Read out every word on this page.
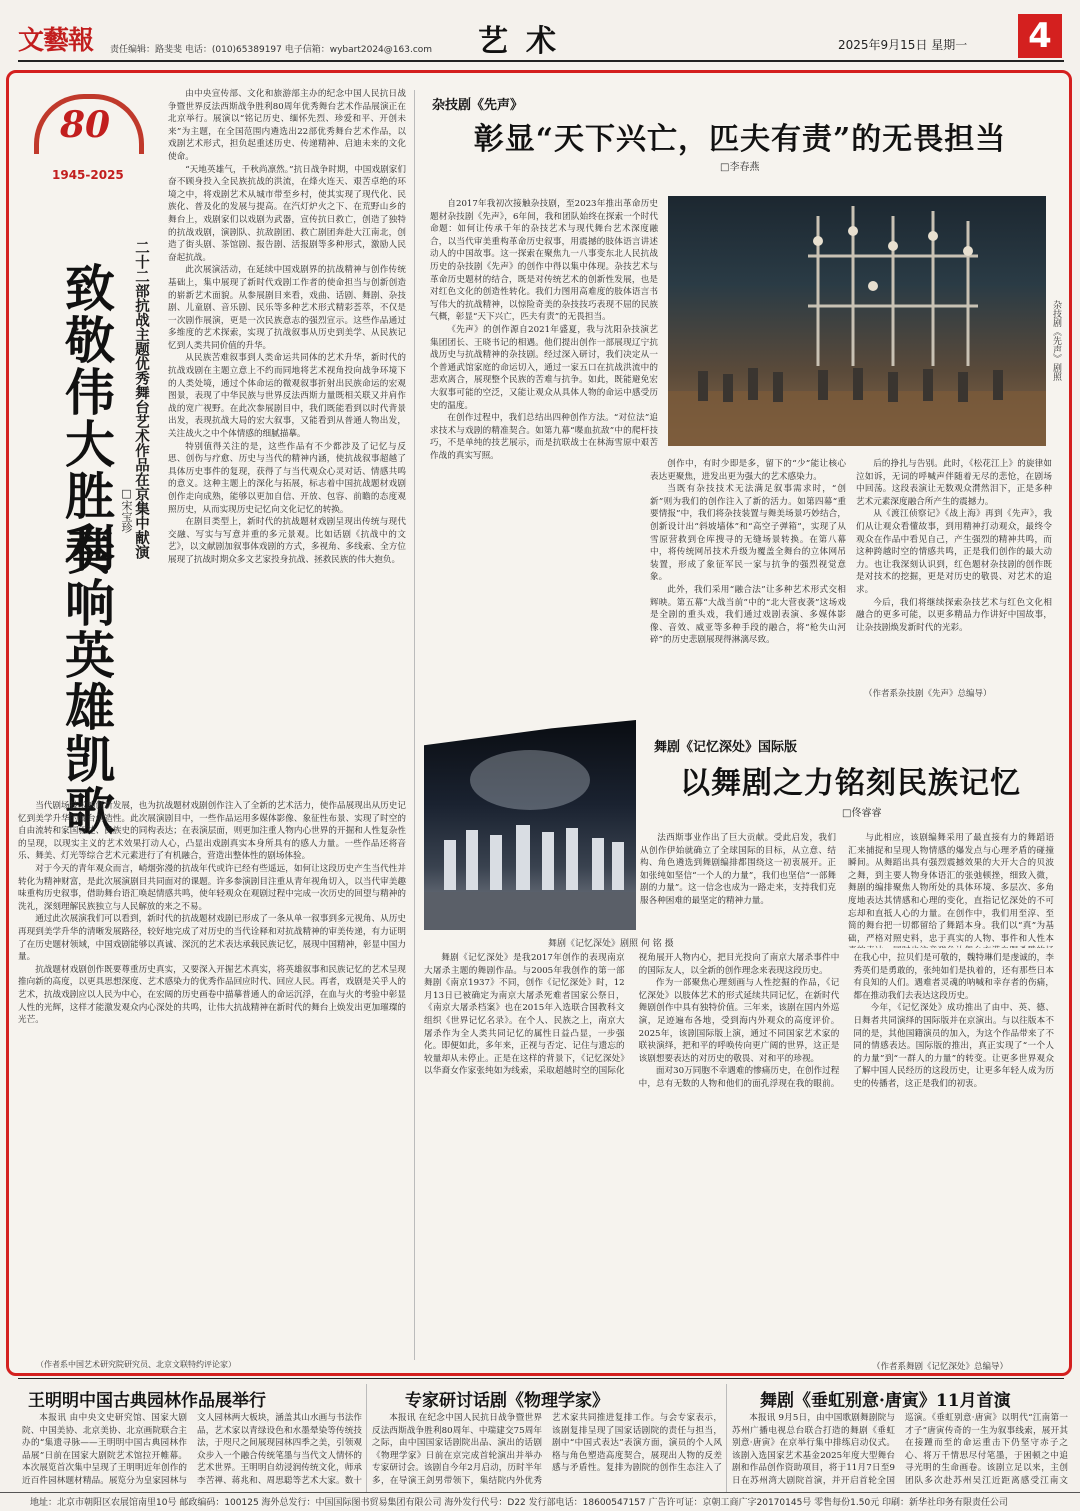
文藝報 责任编辑：路斐斐 电话：(010)65389197 电子信箱：wybart2024@163.com 艺术	2025年9月15日 星期一 4
80
1945-2025
二十二部抗战主题优秀舞台艺术作品在京集中献演
致敬伟大胜利 □宋宝珍
奏响英雄凯歌

由中央宣传部、文化和旅游部主办的纪念中国人民抗日战争暨世界反法西斯战争胜利80周年优秀舞台艺术作品展演正在北京举行。展演以“铭记历史、缅怀先烈、珍爱和平、开创未来”为主题，在全国范围内遴选出22部优秀舞台艺术作品，以戏剧艺术形式，担负起重述历史、传递精神、启迪未来的文化使命。

“天地英雄气，千秋尚凛然。”抗日战争时期，中国戏剧家们奋不顾身投入全民族抗战的洪流，在烽火连天、艰苦卓绝的环境之中，将戏剧艺术从城市带至乡村，使其实现了现代化、民族化、普及化的发展与提高。在汽灯炉火之下、在荒野山乡的舞台上，戏剧家们以戏剧为武器，宣传抗日救亡，创造了独特的抗战戏剧，演剧队、抗敌剧团、救亡剧团奔赴大江南北，创造了街头剧、茶馆剧、报告剧、活报剧等多种形式，激励人民奋起抗战。

此次展演活动，在延续中国戏剧界的抗战精神与创作传统基础上，集中展现了新时代戏剧工作者的使命担当与创新创造的崭新艺术面貌。从参展剧目来看，戏曲、话剧、舞剧、杂技剧、儿童剧、音乐剧、民乐等多种艺术形式精彩荟萃，不仅是一次剧作展演，更是一次民族意志的强烈宣示。这些作品通过多维度的艺术探索，实现了抗战叙事从历史到美学、从民族记忆到人类共同价值的升华。

从民族苦难叙事到人类命运共同体的艺术升华，新时代的抗战戏剧在主题立意上不约而同地将艺术视角投向战争环境下的人类处境，通过个体命运的微观叙事折射出民族命运的宏观图景，表现了中华民族与世界反法西斯力量既相关联又并肩作战的宽广视野。在此次参展剧目中，我们既能看到以时代背景出发，表现抗战大局的宏大叙事，又能看到从普通人物出发，关注战火之中个体情感的细腻描摹。

特别值得关注的是，这些作品有不少都涉及了记忆与反思、创伤与疗愈、历史与当代的精神内涵，使抗战叙事超越了具体历史事件的复现，获得了与当代观众心灵对话、情感共鸣的意义。这种主题上的深化与拓展，标志着中国抗战题材戏剧创作走向成熟，能够以更加自信、开放、包容、前瞻的态度观照历史，从而实现历史记忆向文化记忆的转换。

在剧目类型上，新时代的抗战题材戏剧呈现出传统与现代交融、写实与写意并重的多元景观。比如话剧《抗战中的文艺》，以文献剧加叙事体戏剧的方式，多视角、多线索、全方位展现了抗战时期众多文艺家投身抗战、拯救民族的伟大抱负。

当代剧场技术的创新发展，也为抗战题材戏剧创作注入了全新的艺术活力，使作品展现出从历史记忆到美学升华的舞台创造性。此次展演剧目中，一些作品运用多媒体影像、象征性布景、实现了时空的自由流转和家国叙述、民族史的同构表达；在表演层面，则更加注重人物内心世界的开掘和人性复杂性的呈现，以现实主义的艺术效果打动人心，凸显出戏剧真实本身所具有的感人力量。一些作品还将音乐、舞美、灯光等综合艺术元素进行了有机融合，营造出整体性的剧场体验。

对于今天的青年观众而言，峭烟弥漫的抗战年代或许已经有些遥远，如何让这段历史产生当代性并转化为精神财富，是此次展演剧目共同面对的课题。许多参演剧目注重从青年视角切入，以当代审美趣味重构历史叙事，借助舞台语汇唤起情感共鸣，使年轻观众在观剧过程中完成一次历史的回望与精神的洗礼，深刻理解民族独立与人民解放的来之不易。

通过此次展演我们可以看到，新时代的抗战题材戏剧已形成了一条从单一叙事到多元视角、从历史再现到美学升华的清晰发展路径，较好地完成了对历史的当代诠释和对抗战精神的审美传递，有力证明了在历史题材领域，中国戏剧能够以真诚、深沉的艺术表达承载民族记忆，展现中国精神，彰显中国力量。

抗战题材戏剧创作既要尊重历史真实，又要深入开掘艺术真实，将英雄叙事和民族记忆的艺术呈现推向新的高度，以更具思想深度、艺术感染力的优秀作品回应时代、回应人民。再者，戏剧是关乎人的艺术，抗战戏剧应以人民为中心，在宏阔的历史画卷中描摹普通人的命运沉浮，在血与火的考验中彰显人性的光辉，这样才能激发观众内心深处的共鸣，让伟大抗战精神在新时代的舞台上焕发出更加璀璨的光芒。

（作者系中国艺术研究院研究员、北京文联特约评论家）
杂技剧《先声》
彰显“天下兴亡，匹夫有责”的无畏担当
□李春燕
杂技剧《先声》剧照

自2017年我初次接触杂技剧，至2023年推出革命历史题材杂技剧《先声》，6年间，我和团队始终在探索一个时代命题：如何让传承千年的杂技艺术与现代舞台艺术深度融合，以当代审美重构革命历史叙事，用震撼的肢体语言讲述动人的中国故事。这一探索在聚焦九一八事变东北人民抗战历史的杂技剧《先声》的创作中得以集中体现。杂技艺术与革命历史题材的结合，既是对传统艺术的创新性发展，也是对红色文化的创造性转化。我们力图用高难度的肢体语言书写伟大的抗战精神，以惊险奇美的杂技技巧表现不屈的民族气概，彰显“天下兴亡，匹夫有责”的无畏担当。

《先声》的创作源自2021年盛夏，我与沈阳杂技演艺集团团长、王晓书记的相遇。他们提出创作一部展现辽宁抗战历史与抗战精神的杂技剧。经过深入研讨，我们决定从一个普通武馆家庭的命运切入，通过一家五口在抗战洪流中的悲欢离合，展现整个民族的苦难与抗争。如此，既能避免宏大叙事可能的空泛，又能让观众从具体人物的命运中感受历史的温度。

在创作过程中，我们总结出四种创作方法。“对位法”追求技术与戏剧的精准契合。如第九幕“喋血抗敌”中的爬杆技巧，不是单纯的技艺展示，而是抗联战士在林海雪原中艰苦作战的真实写照。

创作中，有时少即是多，留下的“少”能让核心表达更聚焦，进发出更为强大的艺术感染力。

当既有杂技技术无法满足叙事需求时，“创新”则为我们的创作注入了新的活力。如第四幕“重要情报”中，我们将杂技装置与舞美场景巧妙结合，创新设计出“斜坡墙体”和“高空子弹箱”，实现了从雪原营救到仓库搜寻的无缝场景转换。在第八幕中，将传统网吊技术升级为覆盖全舞台的立体网吊装置，形成了象征军民一家与抗争的强烈视觉意象。

此外，我们采用“融合法”让多种艺术形式交相辉映。第五幕“大战当前”中的“北大营夜袭”这场戏是全剧的重头戏，我们通过戏剧表演、多媒体影像、音效、威亚等多种手段的融合，将“枪失山河碎”的历史悲剧展现得淋漓尽致。

后的挣扎与告别。此时，《松花江上》的旋律如泣如诉，无词的呼喊声伴随着无尽的悲怆，在剧场中回荡。这段表演让无数观众潸然泪下，正是多种艺术元素深度融合所产生的震撼力。

从《渡江侦察记》《战上海》再到《先声》，我们从让观众看懂故事，到用精神打动观众，最终令观众在作品中看见自己，产生强烈的精神共鸣，而这种跨越时空的情感共鸣，正是我们创作的最大动力。也让我深刻认识到，红色题材杂技剧的创作既是对技术的挖掘，更是对历史的敬畏、对艺术的追求。

今后，我们将继续探索杂技艺术与红色文化相融合的更多可能，以更多精品力作讲好中国故事，让杂技剧焕发新时代的光彩。

（作者系杂技剧《先声》总编导）
舞剧《记忆深处》剧照 何 铭 摄
舞剧《记忆深处》国际版
以舞剧之力铭刻民族记忆
□佟睿睿

法西斯事业作出了巨大贡献。受此启发，我们从创作伊始就确立了全球国际的目标，从立意、结构、角色遴选到舞剧编排都围绕这一初衷展开。正如张纯如坚信“一个人的力量”，我们也坚信“一部舞剧的力量”。这一信念也成为一路走来，支持我们克服各种困难的最坚定的精神力量。

与此相应，该剧编舞采用了最直接有力的舞蹈语汇来捕捉和呈现人物情感的爆发点与心理矛盾的碰撞瞬间。从舞蹈出具有强烈震撼效果的大开大合的贝波之舞，到主要人物身体语汇的张弛顿挫，细致入微，舞剧的编排聚焦人物所处的具体环境、多层次、多角度地表达其情感和心理的变化，直指记忆深处的不可忘却和直抵人心的力量。在创作中，我们用至淳、至简的舞台把一切都留给了舞蹈本身。我们以“真”为基础，严格对照史料，忠于真实的人物、事件和人性本

舞剧《记忆深处》是我2017年创作的表现南京大屠杀主题的舞剧作品。与2005年我创作的第一部舞剧《南京1937》不同，创作《记忆深处》时，12月13日已被确定为南京大屠杀死难者国家公祭日，《南京大屠杀档案》也在2015年入选联合国教科文组织《世界记忆名录》。在个人、民族之上，南京大屠杀作为全人类共同记忆的属性日益凸显，一步强化。即便如此，多年来，正视与否定、记住与遗忘的较量却从未停止。正是在这样的背景下，《记忆深处》以华裔女作家张纯如为线索，采取超越时空的国际化视角展开人物内心，把目光投向了南京大屠杀事件中的国际友人，以全新的创作理念来表现这段历史。

作为一部聚焦心理刻画与人性挖掘的作品，《记忆深处》以肢体艺术的形式延续共同记忆，在新时代舞剧创作中具有独特价值。三年来，该剧在国内外巡演，足迹遍布各地，受到海内外观众的高度评价。2025年，该剧国际版上演，通过不同国家艺术家的联袂演绎，把和平的呼唤传向更广阔的世界，这正是该剧想要表达的对历史的敬畏、对和平的珍视。

面对30万同胞不幸遇难的惨痛历史，在创作过程中，总有无数的人物和他们的面孔浮现在我的眼前。在我心中，拉贝们是可敬的，魏特琳们是虔诚的，李秀英们是勇敢的，张纯如们是执着的，还有那些日本有良知的人们。遇难者灵魂的呐喊和幸存者的伤痛，都在推动我们去表达这段历史。

今年，《记忆深处》成功推出了由中、英、德、日舞者共同演绎的国际版并在京演出。与以往版本不同的是，其他国籍演员的加入，为这个作品带来了不同的情感表达。国际版的推出，真正实现了“一个人的力量”到“一群人的力量”的转变。让更多世界观众了解中国人民经历的这段历史，让更多年轻人成为历史的传播者，这正是我们的初衷。

（作者系舞剧《记忆深处》总编导）
王明明中国古典园林作品展举行	专家研讨话剧《物理学家》	舞剧《垂虹别意·唐寅》11月首演

本报讯 由中央文史研究馆、国家大剧院、中国美协、北京美协、北京画院联合主办的“集遗寻脉——王明明中国古典园林作品展”日前在国家大剧院艺术馆拉开帷幕。本次展览首次集中呈现了王明明近年创作的近百件园林题材精品。展览分为皇家园林与文人园林两大板块，涵盖其山水画与书法作品，艺术家以青绿设色和水墨晕染等传统技法，于咫尺之间展现园林四季之美，引领观众步入一个融合传统笔墨与当代文人情怀的艺术世界。王明明自幼浸润传统文化，师承李苦禅、蒋兆和、周思聪等艺术大家。数十

本报讯 在纪念中国人民抗日战争暨世界反法西斯战争胜利80周年、中瑞建交75周年之际，由中国国家话剧院出品、演出的话剧《物理学家》日前在京完成首轮演出并举办专家研讨会。该剧自今年2月启动，历时半年多，在导演王剑男带领下，集结院内外优秀艺术家共同推进复排工作。与会专家表示，该剧复排呈现了国家话剧院的责任与担当，剧中“中国式表达”表演方面，演员的个人风格与角色塑造高度契合，展现出人物的反差感与矛盾性。复排为剧院的创作生态注入了

本报讯 9月5日，由中国歌剧舞剧院与苏州广播电视总台联合打造的舞剧《垂虹别意·唐寅》在京举行集中排练启动仪式。该剧入选国家艺术基金2025年度大型舞台剧和作品创作资助项目，将于11月7日至9日在苏州湾大剧院首演，并开启首轮全国巡演。《垂虹别意·唐寅》以明代“江南第一才子”唐寅传奇的一生为叙事线索，展开其在接踵而至的命运重击下仍坚守赤子之心、将万千情思尽付笔墨，于困顿之中追寻光明的生命画卷。该剧立足以来，主创团队多次赴苏州吴江近距离感受江南文

地址：北京市朝阳区农展馆南里10号 邮政编码：100125 海外总发行：中国国际图书贸易集团有限公司 海外发行代号：D22 发行部电话：18600547157 广告许可证：京朝工商广字20170145号 零售每份1.50元 印刷：新华社印务有限责任公司
